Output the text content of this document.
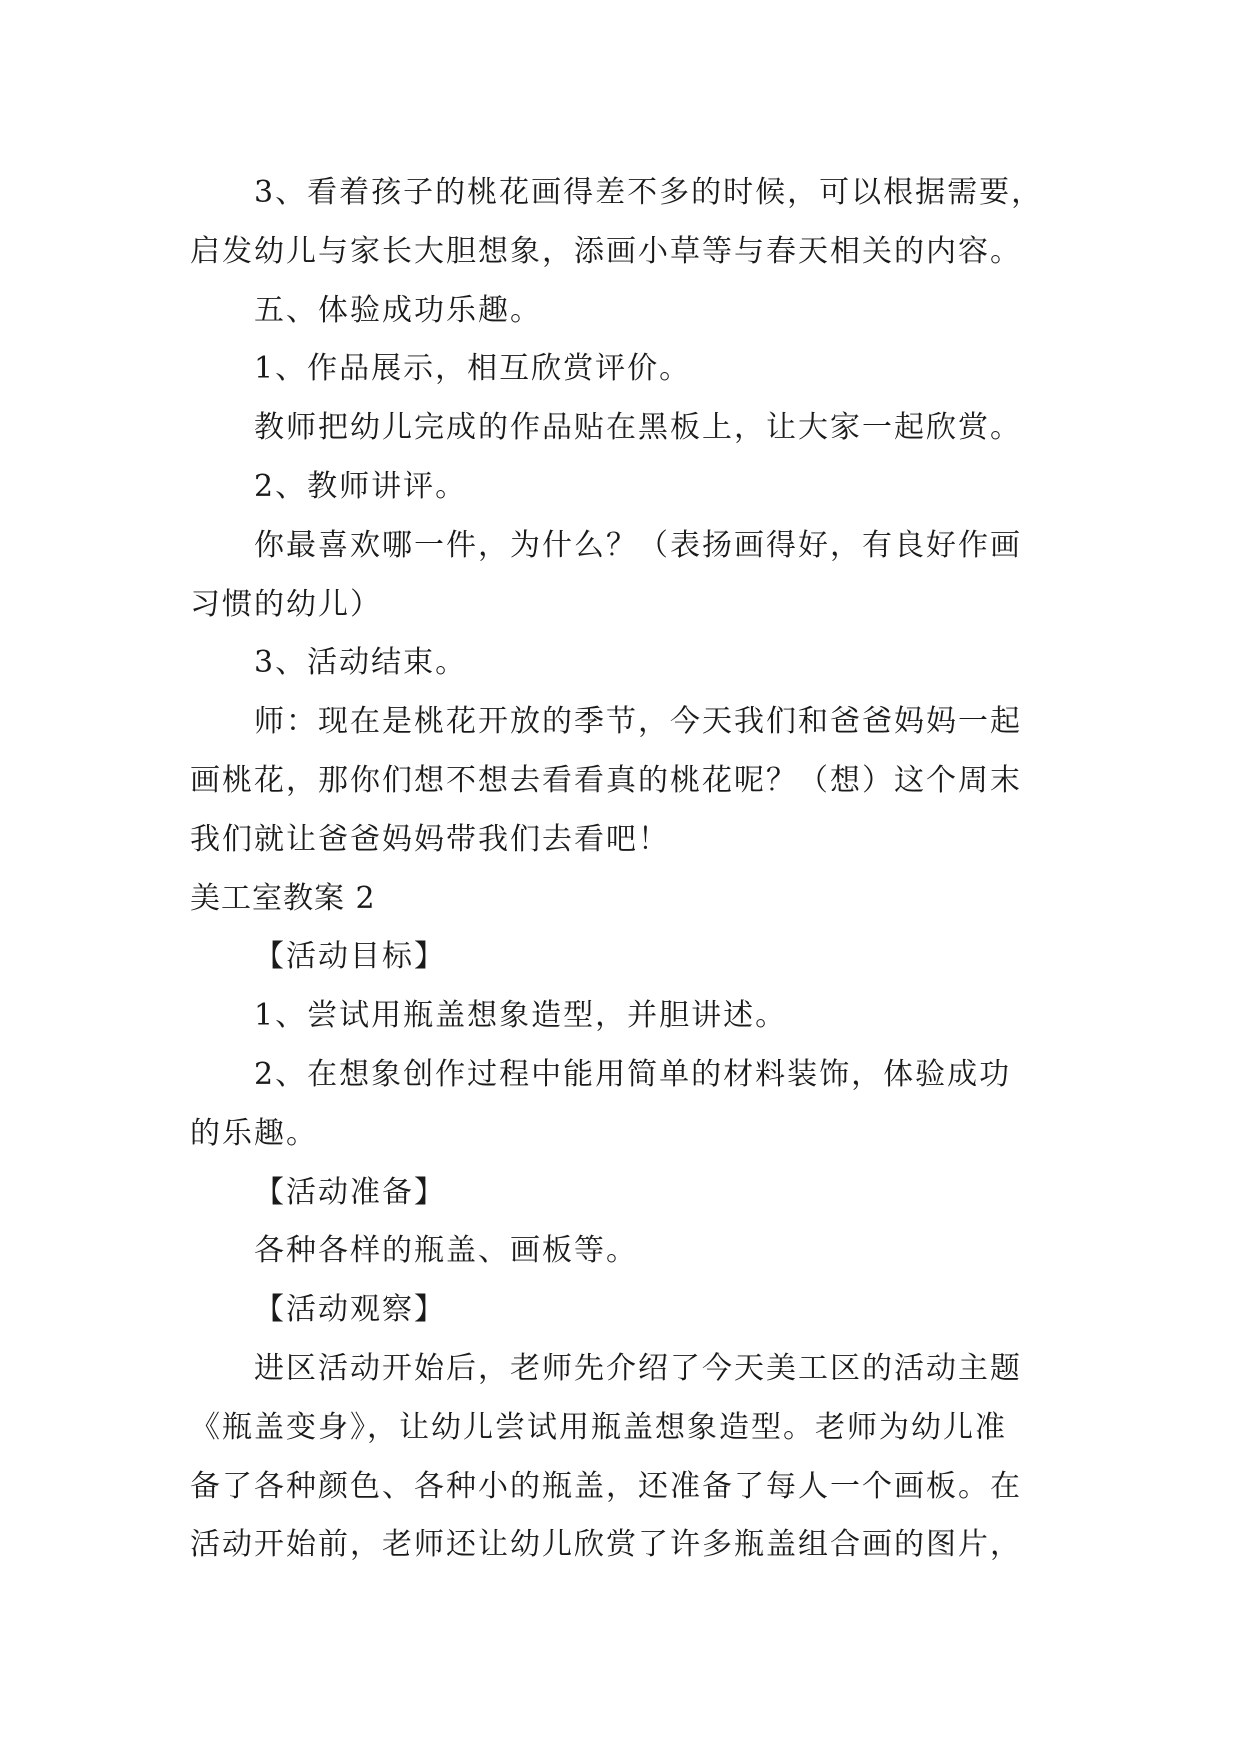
3、看着孩子的桃花画得差不多的时候，可以根据需要，
启发幼儿与家长大胆想象，添画小草等与春天相关的内容。
五、体验成功乐趣。
1、作品展示，相互欣赏评价。
教师把幼儿完成的作品贴在黑板上，让大家一起欣赏。
2、教师讲评。
你最喜欢哪一件，为什么？（表扬画得好，有良好作画
习惯的幼儿）
3、活动结束。
师：现在是桃花开放的季节，今天我们和爸爸妈妈一起
画桃花，那你们想不想去看看真的桃花呢？（想）这个周末
我们就让爸爸妈妈带我们去看吧！
美工室教案 2
【活动目标】
1、尝试用瓶盖想象造型，并胆讲述。
2、在想象创作过程中能用简单的材料装饰，体验成功
的乐趣。
【活动准备】
各种各样的瓶盖、画板等。
【活动观察】
进区活动开始后，老师先介绍了今天美工区的活动主题
《瓶盖变身》，让幼儿尝试用瓶盖想象造型。老师为幼儿准
备了各种颜色、各种小的瓶盖，还准备了每人一个画板。在
活动开始前，老师还让幼儿欣赏了许多瓶盖组合画的图片，
